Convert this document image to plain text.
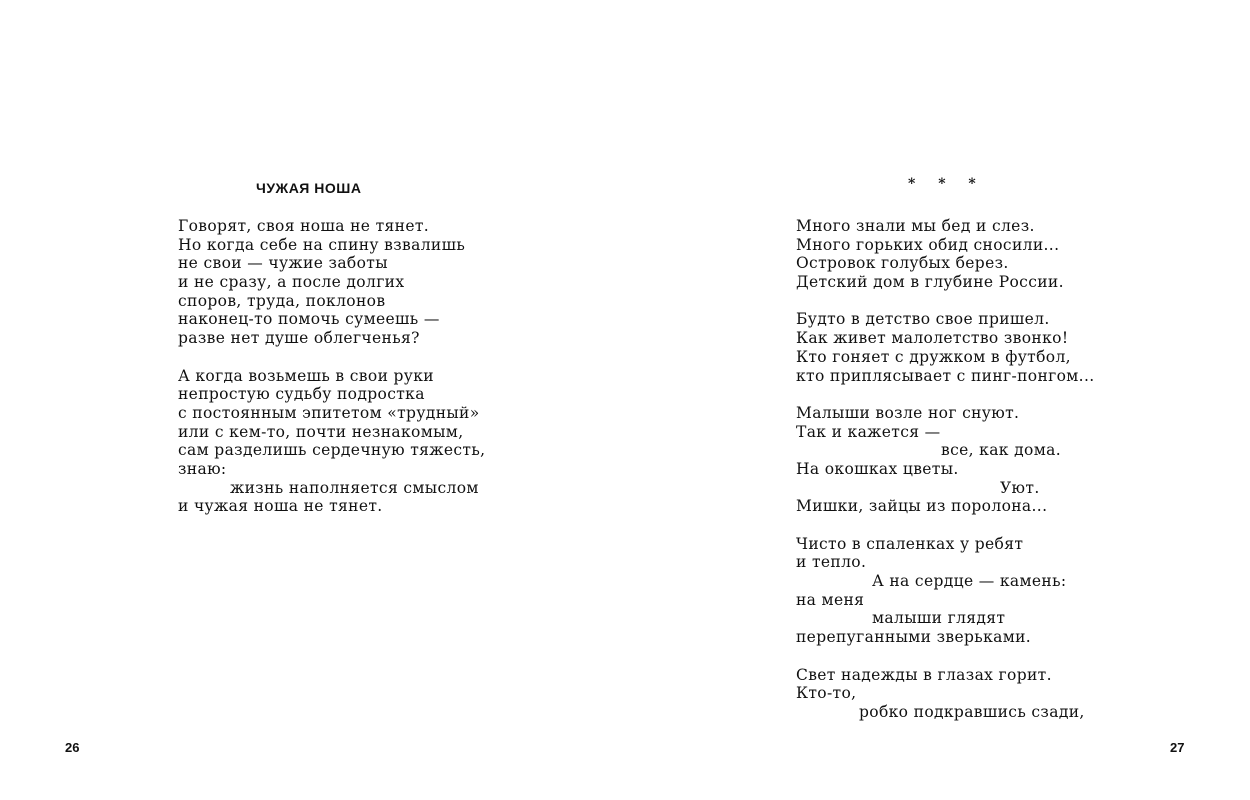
ЧУЖАЯ НОША
Говорят, своя ноша не тянет.
Но когда себе на спину взвалишь
не свои — чужие заботы
и не сразу, а после долгих
споров, труда, поклонов
наконец-то помочь сумеешь —
разве нет душе облегченья?
А когда возьмешь в свои руки
непростую судьбу подростка
с постоянным эпитетом «трудный»
или с кем-то, почти незнакомым,
сам разделишь сердечную тяжесть,
знаю:
жизнь наполняется смыслом
и чужая ноша не тянет.
26
* * *
Много знали мы бед и слез.
Много горьких обид сносили...
Островок голубых берез.
Детский дом в глубине России.
Будто в детство свое пришел.
Как живет малолетство звонко!
Кто гоняет с дружком в футбол,
кто приплясывает с пинг-понгом...
Малыши возле ног снуют.
Так и кажется —
все, как дома.
На окошках цветы.
Уют.
Мишки, зайцы из поролона...
Чисто в спаленках у ребят
и тепло.
А на сердце — камень:
на меня
малыши глядят
перепуганными зверьками.
Свет надежды в глазах горит.
Кто-то,
робко подкравшись сзади,
27
